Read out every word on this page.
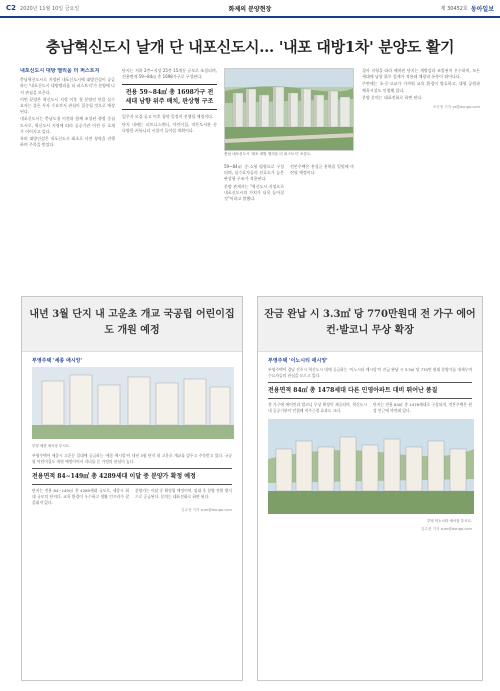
C2 2020년 11월 10일 금요일	화제의 분양현장	제 30452호 동아일보
충남혁신도시 날개 단 내포신도시… '내포 대방1차' 분양도 활기
내포신도시 대방 엘리움 더 퍼스트지

충남혁신도시로 지정된 내포신도시에 대방건설이 공급하는 '내포신도시 대방엘리움 더 퍼스트지'가 분양에 나서 관심을 모은다.

이번 분양은 혁신도시 지정 이후 첫 분양인 만큼 실수요자는 물론 투자 수요까지 관심이 집중될 것으로 예상된다.

내포신도시는 충남도청 이전과 함께 조성된 행정 중심 도시로, 혁신도시 지정에 따라 공공기관 이전 등 호재가 이어지고 있다.

특히 대방건설은 내포신도시 최초로 사전 청약을 진행하며 주목을 받았다.

단지는 지하 2층~지상 25층 15개동 규모로 조성되며, 전용면적 59~84㎡ 총 1698가구로 구성된다.

전용 59~84㎡ 총 1698가구 전 세대 남향 위주 배치, 판상형 구조

입주자 모집 공고 이후 청약 일정이 진행될 예정이다.

단지 내에는 피트니스센터, 어린이집, 작은도서관 등 다양한 커뮤니티 시설이 들어설 계획이다.

충남 내포신도시 '내포 대방 엘리움 더 퍼스트지' 조감도.

59~84㎡ 중·소형 평형으로 구성되며, 실수요자들의 선호도가 높은 판상형 구조가 적용된다.

분양 관계자는 "혁신도시 지정으로 내포신도시의 가치가 더욱 높아질 것"이라고 말했다.

견본주택은 홍성군 홍북읍 일원에 마련될 예정이다.

경사 지형을 따라 배치된 단지는 개방감과 조망권이 우수하며, 모든 세대에 남향 위주 설계가 적용돼 채광과 통풍이 뛰어나다.

주변에는 초·중·고교가 가까워 교육 환경이 양호하고, 대형 공원과 체육시설도 인접해 있다.

분양 문의는 대표전화로 하면 된다.

조선영 기자 ys@donga.com
내년 3월 단지 내 고운초 개교 국공립 어린이집도 개원 예정
부영주택 '세종 애시앙'
부영 세종 애시앙 투시도.
부영주택이 세종시 고운동 일대에 공급하는 '세종 애시앙'이 내년 3월 단지 내 고운초 개교를 앞두고 주목받고 있다. 국공립 어린이집도 개원 예정이어서 자녀를 둔 가정의 관심이 높다.
전용면적 84~149㎡ 총 4289세대 이달 중 분양가 확정 예정
단지는 전용 84~149㎡ 총 4289세대 규모로, 세종시 최대 규모의 단지다. 교육 환경이 우수하고 생활 인프라가 잘 갖춰져 있다.
분양가는 이달 중 확정될 예정이며, 임대 후 분양 전환 방식으로 공급된다. 문의는 대표전화로 하면 된다.
김수현 기자 sum@donga.com
잔금 완납 시 3.3㎡ 당 770만원대 전 가구 에어컨·발코니 무상 확장
부영주택 '이노시티 애시앙'
부영주택이 경남 진주시 혁신도시 내에 공급하는 '이노시티 애시앙'이 잔금 완납 시 3.3㎡ 당 770만 원대 분양가를 내세우며 수요자들의 관심을 모으고 있다.
전용면적 84㎡ 총 1478세대 다른 민영아파트 대비 뛰어난 품질
전 가구에 에어컨과 발코니 무상 확장이 제공되며, 혁신도시 내 공공기관이 인접해 직주근접 효과도 크다.
단지는 전용 84㎡ 총 1478세대로 구성되며, 견본주택은 현장 인근에 마련돼 있다.
부영 이노시티 애시앙 투시도.
김수현 기자 sum@donga.com
